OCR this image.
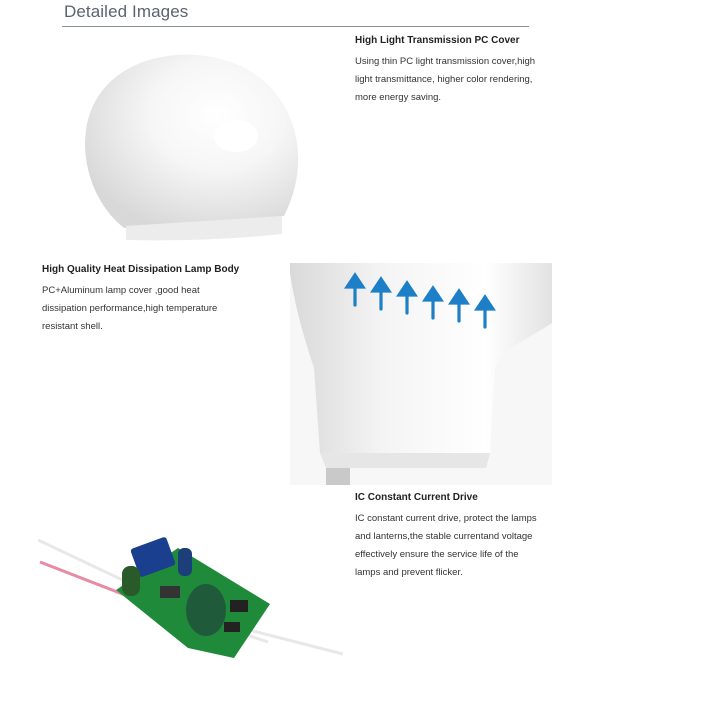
Detailed Images
High Light Transmission PC Cover
Using thin PC light transmission cover,high
light transmittance, higher color rendering,
more energy saving.
High Quality Heat Dissipation Lamp Body
PC+Aluminum lamp cover ,good heat
dissipation performance,high temperature
resistant shell.
IC Constant Current Drive
IC constant current drive, protect the lamps
and lanterns,the stable currentand voltage
effectively ensure the service life of the
lamps and prevent flicker.
